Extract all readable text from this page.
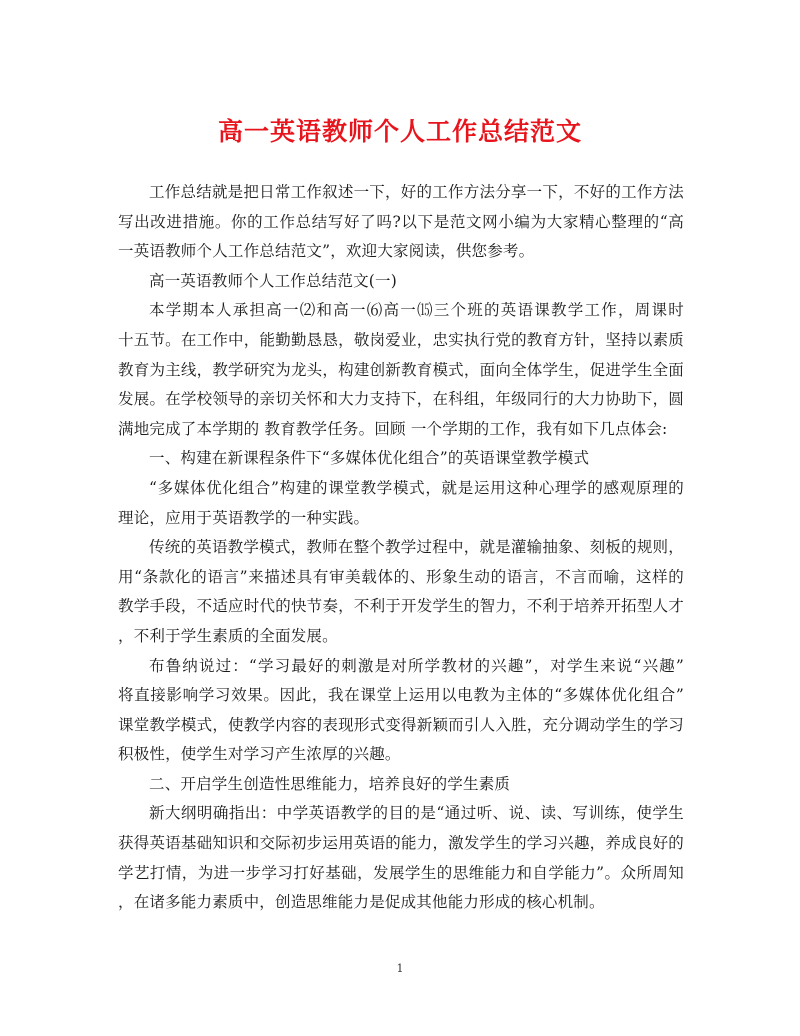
高一英语教师个人工作总结范文
工作总结就是把日常工作叙述一下，好的工作方法分享一下，不好的工作方法
写出改进措施。你的工作总结写好了吗?以下是范文网小编为大家精心整理的“高
一英语教师个人工作总结范文”，欢迎大家阅读，供您参考。
高一英语教师个人工作总结范文(一)
本学期本人承担高一⑵和高一⑹高一⒂三个班的英语课教学工作，周课时
十五节。在工作中，能勤勤恳恳，敬岗爱业，忠实执行党的教育方针，坚持以素质
教育为主线，教学研究为龙头，构建创新教育模式，面向全体学生，促进学生全面
发展。在学校领导的亲切关怀和大力支持下，在科组，年级同行的大力协助下，圆
满地完成了本学期的 教育教学任务。回顾 一个学期的工作，我有如下几点体会:
一、构建在新课程条件下“多媒体优化组合”的英语课堂教学模式
“多媒体优化组合”构建的课堂教学模式，就是运用这种心理学的感观原理的
理论，应用于英语教学的一种实践。
传统的英语教学模式，教师在整个教学过程中，就是灌输抽象、刻板的规则，
用“条款化的语言”来描述具有审美载体的、形象生动的语言，不言而喻，这样的
教学手段，不适应时代的快节奏，不利于开发学生的智力，不利于培养开拓型人才
，不利于学生素质的全面发展。
布鲁纳说过：“学习最好的刺激是对所学教材的兴趣”，对学生来说“兴趣”
将直接影响学习效果。因此，我在课堂上运用以电教为主体的“多媒体优化组合”
课堂教学模式，使教学内容的表现形式变得新颖而引人入胜，充分调动学生的学习
积极性，使学生对学习产生浓厚的兴趣。
二、开启学生创造性思维能力，培养良好的学生素质
新大纲明确指出：中学英语教学的目的是“通过听、说、读、写训练，使学生
获得英语基础知识和交际初步运用英语的能力，激发学生的学习兴趣，养成良好的
学艺打情，为进一步学习打好基础，发展学生的思维能力和自学能力”。众所周知
，在诸多能力素质中，创造思维能力是促成其他能力形成的核心机制。
1
